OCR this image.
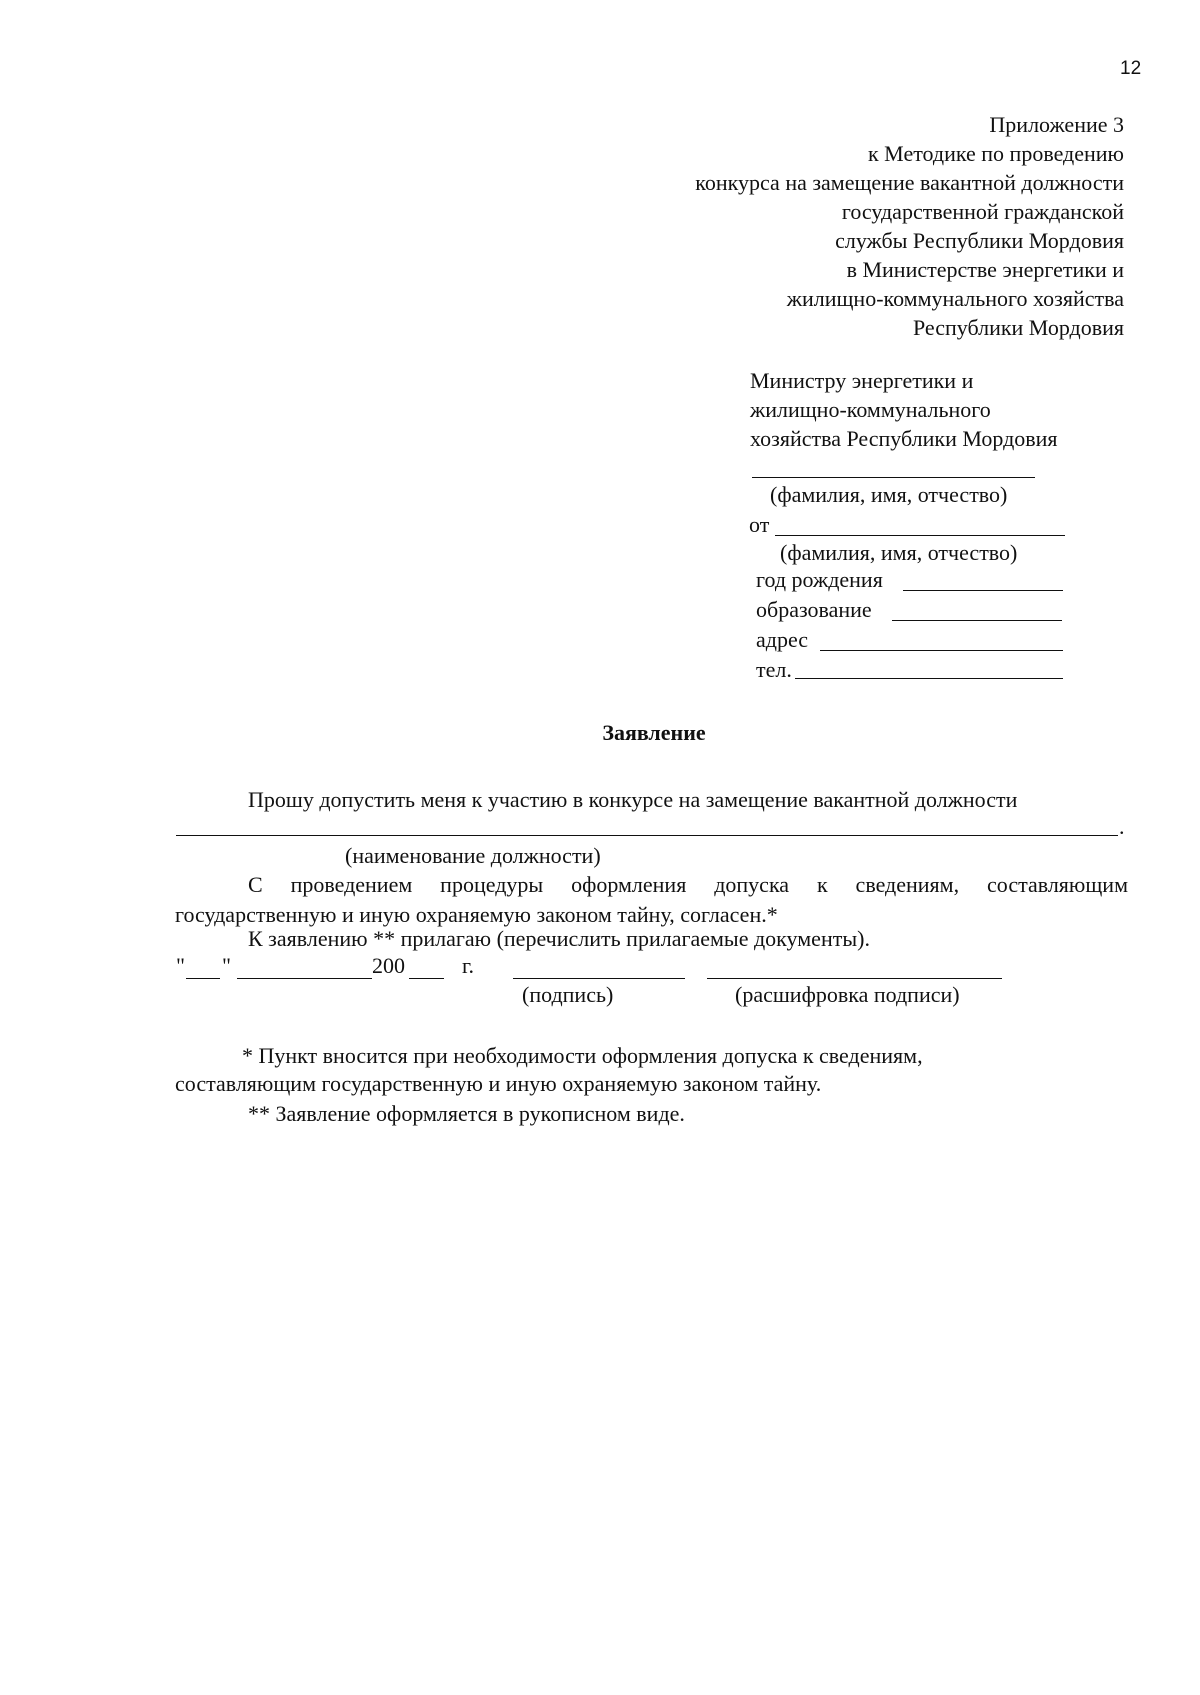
12
Приложение 3
к Методике по проведению
конкурса на замещение вакантной должности
государственной гражданской
службы Республики Мордовия
в Министерстве энергетики и
жилищно-коммунального хозяйства
Республики Мордовия
Министру энергетики и
жилищно-коммунального
хозяйства Республики Мордовия
(фамилия, имя, отчество)
от
(фамилия, имя, отчество)
год рождения
образование
адрес
тел.
Заявление
Прошу допустить меня к участию в конкурсе на замещение вакантной должности
.
(наименование должности)
С проведением процедуры оформления допуска к сведениям, составляющим
государственную и иную охраняемую законом тайну, согласен.*
К заявлению ** прилагаю (перечислить прилагаемые документы).
" "	200	г.
(подпись)	(расшифровка подписи)
* Пункт вносится при необходимости оформления допуска к сведениям,
составляющим государственную и иную охраняемую законом тайну.
** Заявление оформляется в рукописном виде.
